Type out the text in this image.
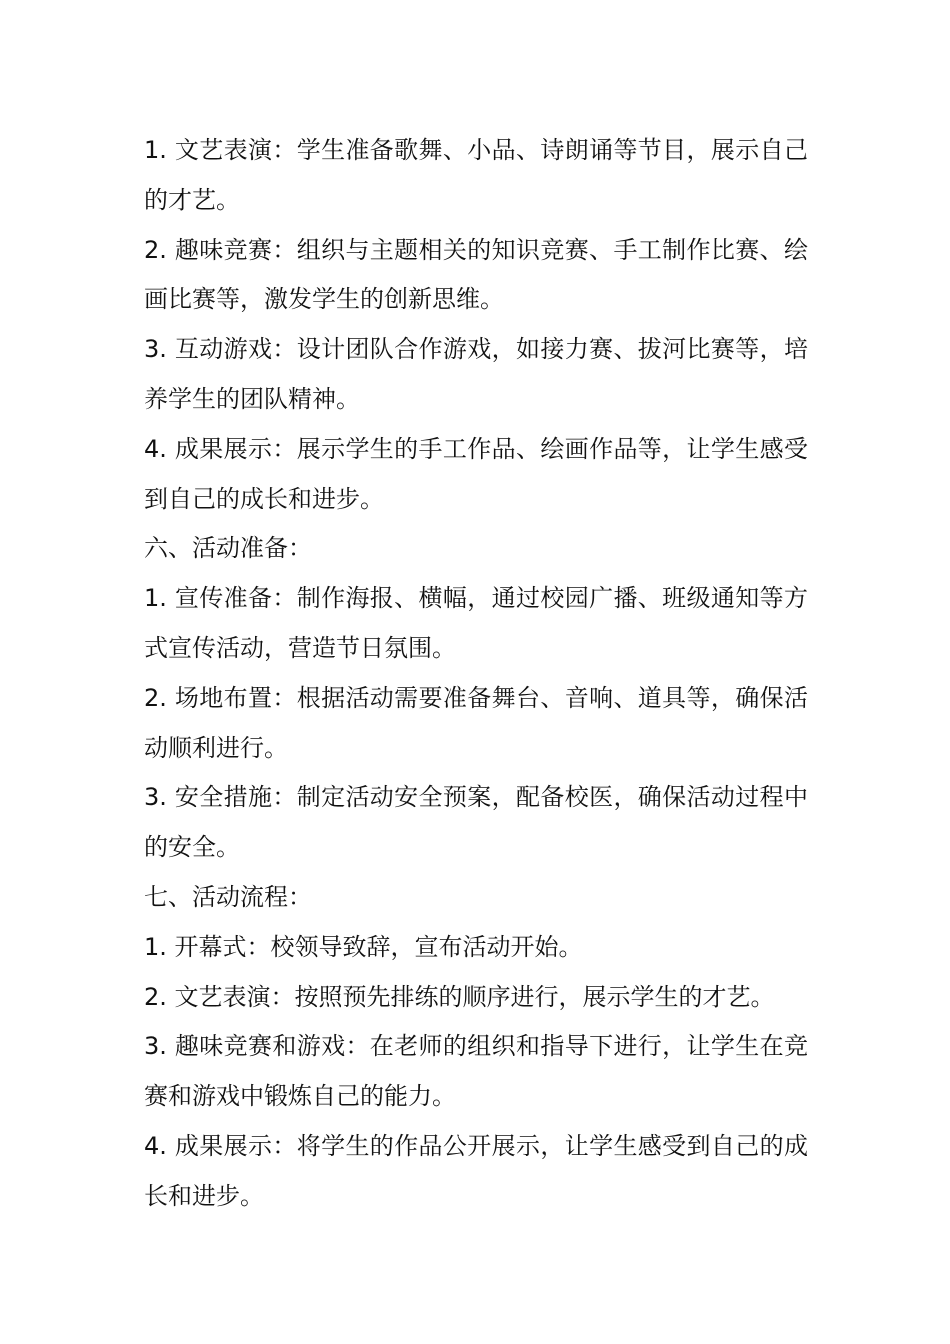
1. 文艺表演：学生准备歌舞、小品、诗朗诵等节目，展示自己的才艺。

2. 趣味竞赛：组织与主题相关的知识竞赛、手工制作比赛、绘画比赛等，激发学生的创新思维。

3. 互动游戏：设计团队合作游戏，如接力赛、拔河比赛等，培养学生的团队精神。

4. 成果展示：展示学生的手工作品、绘画作品等，让学生感受到自己的成长和进步。

六、活动准备：

1. 宣传准备：制作海报、横幅，通过校园广播、班级通知等方式宣传活动，营造节日氛围。

2. 场地布置：根据活动需要准备舞台、音响、道具等，确保活动顺利进行。

3. 安全措施：制定活动安全预案，配备校医，确保活动过程中的安全。

七、活动流程：

1. 开幕式：校领导致辞，宣布活动开始。

2. 文艺表演：按照预先排练的顺序进行，展示学生的才艺。

3. 趣味竞赛和游戏：在老师的组织和指导下进行，让学生在竞赛和游戏中锻炼自己的能力。

4. 成果展示：将学生的作品公开展示，让学生感受到自己的成长和进步。
